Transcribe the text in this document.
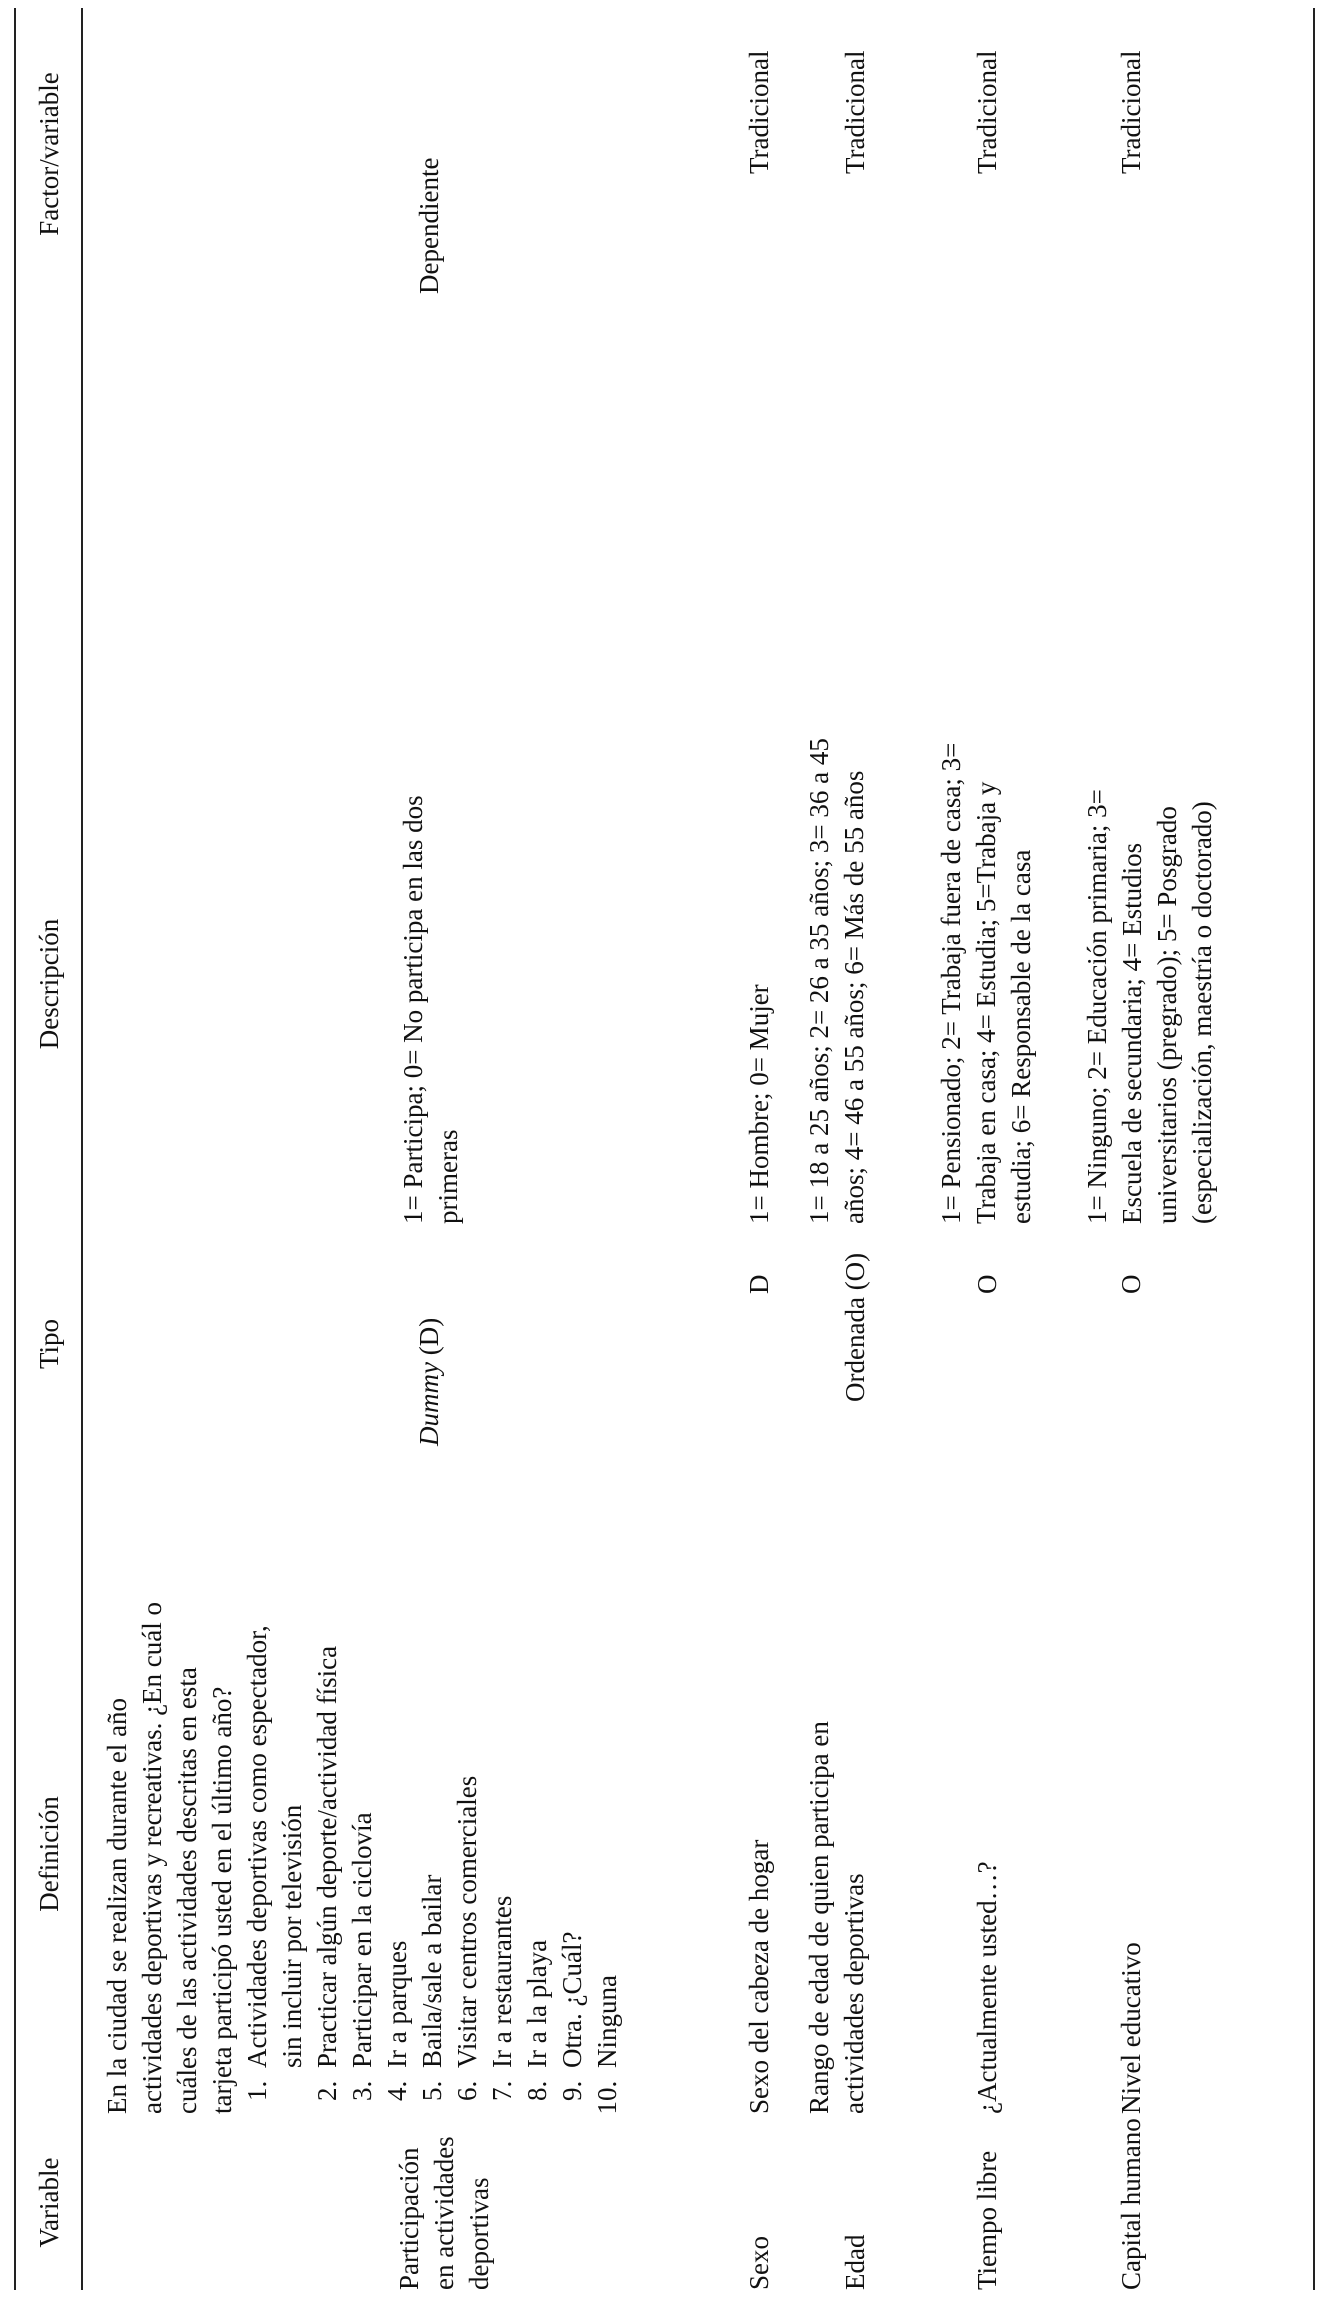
Variable
Definición
Tipo
Descripción
Factor/variable
Participación en actividades deportivas
En la ciudad se realizan durante el año actividades deportivas y recreativas. ¿En cuál o cuáles de las actividades descritas en esta tarjeta participó usted en el último año? 1. Actividades deportivas como espectador, sin incluir por televisión 2. Practicar algún deporte/actividad física 3. Participar en la ciclovía 4. Ir a parques 5. Baila/sale a bailar 6. Visitar centros comerciales 7. Ir a restaurantes 8. Ir a la playa 9. Otra. ¿Cuál? 10. Ninguna
Dummy (D)
1= Participa; 0= No participa en las dos primeras
Dependiente
Sexo
Sexo del cabeza de hogar
D
1= Hombre; 0= Mujer
Tradicional
Edad
Rango de edad de quien participa en actividades deportivas
Ordenada (O)
1= 18 a 25 años; 2= 26 a 35 años; 3= 36 a 45 años; 4= 46 a 55 años; 6= Más de 55 años
Tradicional
Tiempo libre
¿Actualmente usted…?
O
1= Pensionado; 2= Trabaja fuera de casa; 3= Trabaja en casa; 4= Estudia; 5=Trabaja y estudia; 6= Responsable de la casa
Tradicional
Capital humano
Nivel educativo
O
1= Ninguno; 2= Educación primaria; 3= Escuela de secundaria; 4= Estudios universitarios (pregrado); 5= Posgrado (especialización, maestría o doctorado)
Tradicional
